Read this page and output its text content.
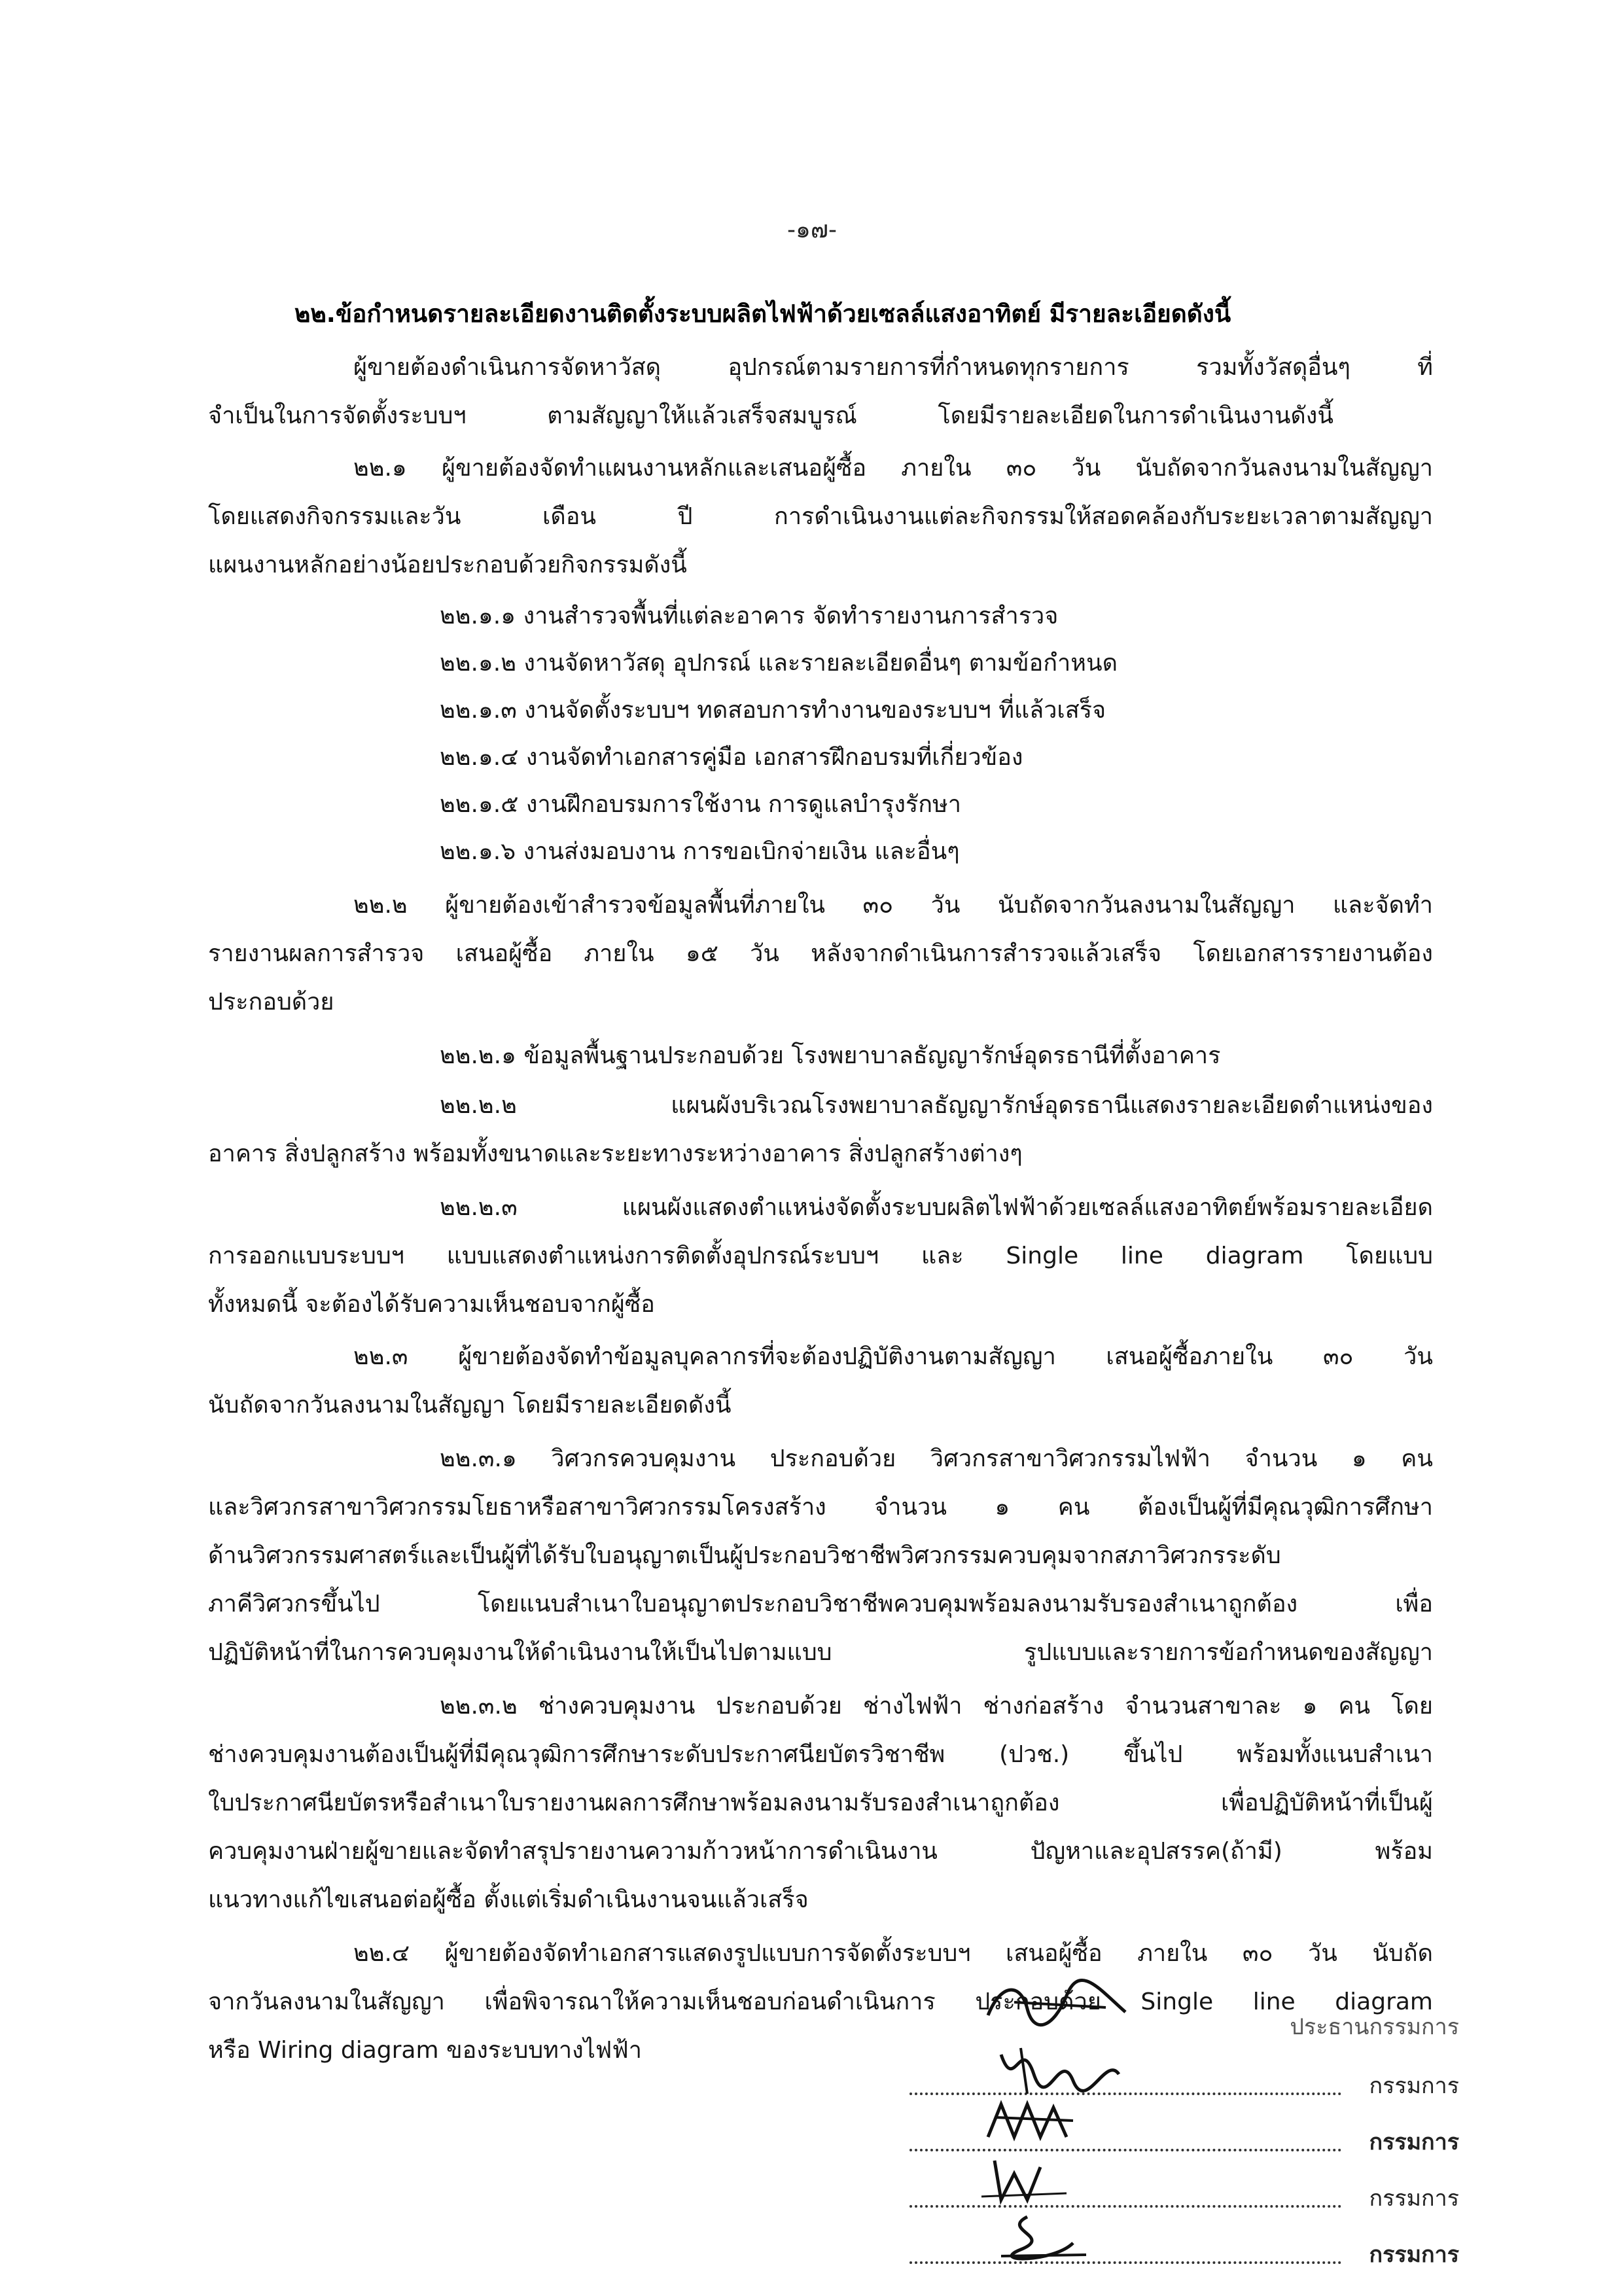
-๑๗-
๒๒.ข้อกำหนดรายละเอียดงานติดตั้งระบบผลิตไฟฟ้าด้วยเซลล์แสงอาทิตย์ มีรายละเอียดดังนี้
ผู้ขายต้องดำเนินการจัดหาวัสดุ อุปกรณ์ตามรายการที่กำหนดทุกรายการ รวมทั้งวัสดุอื่นๆ ที่
จำเป็นในการจัดตั้งระบบฯ ตามสัญญาให้แล้วเสร็จสมบูรณ์ โดยมีรายละเอียดในการดำเนินงานดังนี้
๒๒.๑ ผู้ขายต้องจัดทำแผนงานหลักและเสนอผู้ซื้อ ภายใน ๓๐ วัน นับถัดจากวันลงนามในสัญญา
โดยแสดงกิจกรรมและวัน เดือน ปี การดำเนินงานแต่ละกิจกรรมให้สอดคล้องกับระยะเวลาตามสัญญา
แผนงานหลักอย่างน้อยประกอบด้วยกิจกรรมดังนี้
๒๒.๑.๑ งานสำรวจพื้นที่แต่ละอาคาร จัดทำรายงานการสำรวจ
๒๒.๑.๒ งานจัดหาวัสดุ อุปกรณ์ และรายละเอียดอื่นๆ ตามข้อกำหนด
๒๒.๑.๓ งานจัดตั้งระบบฯ ทดสอบการทำงานของระบบฯ ที่แล้วเสร็จ
๒๒.๑.๔ งานจัดทำเอกสารคู่มือ เอกสารฝึกอบรมที่เกี่ยวข้อง
๒๒.๑.๕ งานฝึกอบรมการใช้งาน การดูแลบำรุงรักษา
๒๒.๑.๖ งานส่งมอบงาน การขอเบิกจ่ายเงิน และอื่นๆ
๒๒.๒ ผู้ขายต้องเข้าสำรวจข้อมูลพื้นที่ภายใน ๓๐ วัน นับถัดจากวันลงนามในสัญญา และจัดทำ
รายงานผลการสำรวจ เสนอผู้ซื้อ ภายใน ๑๕ วัน หลังจากดำเนินการสำรวจแล้วเสร็จ โดยเอกสารรายงานต้อง
ประกอบด้วย
๒๒.๒.๑ ข้อมูลพื้นฐานประกอบด้วย โรงพยาบาลธัญญารักษ์อุดรธานีที่ตั้งอาคาร
๒๒.๒.๒ แผนผังบริเวณโรงพยาบาลธัญญารักษ์อุดรธานีแสดงรายละเอียดตำแหน่งของ
อาคาร สิ่งปลูกสร้าง พร้อมทั้งขนาดและระยะทางระหว่างอาคาร สิ่งปลูกสร้างต่างๆ
๒๒.๒.๓ แผนผังแสดงตำแหน่งจัดตั้งระบบผลิตไฟฟ้าด้วยเซลล์แสงอาทิตย์พร้อมรายละเอียด
การออกแบบระบบฯ แบบแสดงตำแหน่งการติดตั้งอุปกรณ์ระบบฯ และ Single line diagram โดยแบบ
ทั้งหมดนี้ จะต้องได้รับความเห็นชอบจากผู้ซื้อ
๒๒.๓ ผู้ขายต้องจัดทำข้อมูลบุคลากรที่จะต้องปฏิบัติงานตามสัญญา เสนอผู้ซื้อภายใน ๓๐ วัน
นับถัดจากวันลงนามในสัญญา โดยมีรายละเอียดดังนี้
๒๒.๓.๑ วิศวกรควบคุมงาน ประกอบด้วย วิศวกรสาขาวิศวกรรมไฟฟ้า จำนวน ๑ คน
และวิศวกรสาขาวิศวกรรมโยธาหรือสาขาวิศวกรรมโครงสร้าง จำนวน ๑ คน ต้องเป็นผู้ที่มีคุณวุฒิการศึกษา
ด้านวิศวกรรมศาสตร์และเป็นผู้ที่ได้รับใบอนุญาตเป็นผู้ประกอบวิชาชีพวิศวกรรมควบคุมจากสภาวิศวกรระดับ
ภาคีวิศวกรขึ้นไป โดยแนบสำเนาใบอนุญาตประกอบวิชาชีพควบคุมพร้อมลงนามรับรองสำเนาถูกต้อง เพื่อ
ปฏิบัติหน้าที่ในการควบคุมงานให้ดำเนินงานให้เป็นไปตามแบบ รูปแบบและรายการข้อกำหนดของสัญญา
๒๒.๓.๒ ช่างควบคุมงาน ประกอบด้วย ช่างไฟฟ้า ช่างก่อสร้าง จำนวนสาขาละ ๑ คน โดย
ช่างควบคุมงานต้องเป็นผู้ที่มีคุณวุฒิการศึกษาระดับประกาศนียบัตรวิชาชีพ (ปวช.) ขึ้นไป พร้อมทั้งแนบสำเนา
ใบประกาศนียบัตรหรือสำเนาใบรายงานผลการศึกษาพร้อมลงนามรับรองสำเนาถูกต้อง เพื่อปฏิบัติหน้าที่เป็นผู้
ควบคุมงานฝ่ายผู้ขายและจัดทำสรุปรายงานความก้าวหน้าการดำเนินงาน ปัญหาและอุปสรรค(ถ้ามี) พร้อม
แนวทางแก้ไขเสนอต่อผู้ซื้อ ตั้งแต่เริ่มดำเนินงานจนแล้วเสร็จ
๒๒.๔ ผู้ขายต้องจัดทำเอกสารแสดงรูปแบบการจัดตั้งระบบฯ เสนอผู้ซื้อ ภายใน ๓๐ วัน นับถัด
จากวันลงนามในสัญญา เพื่อพิจารณาให้ความเห็นชอบก่อนดำเนินการ ประกอบด้วย Single line diagram
หรือ Wiring diagram ของระบบทางไฟฟ้า
ประธานกรรมการ
กรรมการ
กรรมการ
กรรมการ
กรรมการ
